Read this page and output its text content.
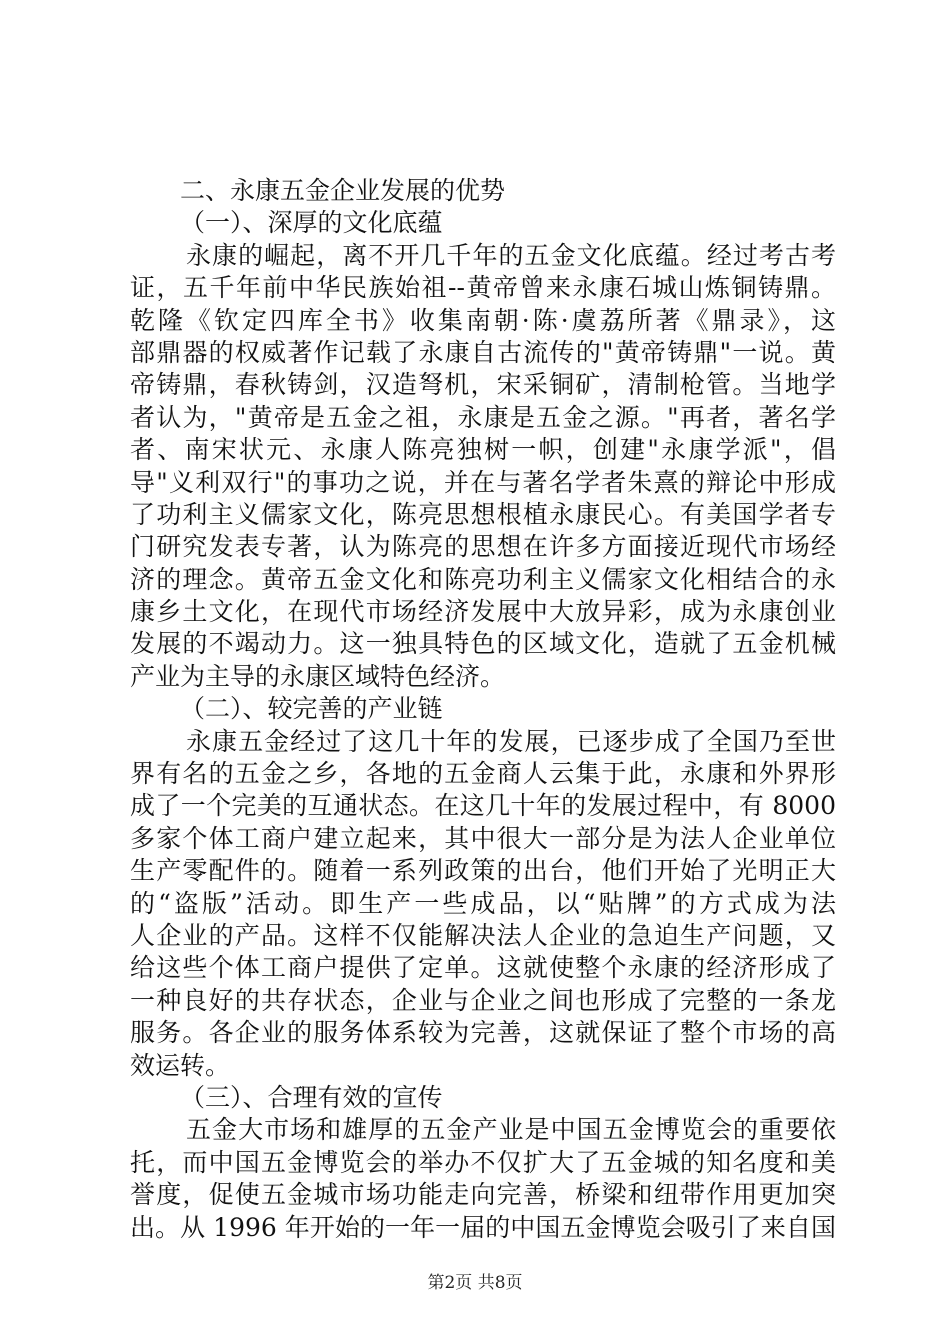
二、永康五金企业发展的优势
（一）、深厚的文化底蕴
永康的崛起，离不开几千年的五金文化底蕴。经过考古考
证，五千年前中华民族始祖--黄帝曾来永康石城山炼铜铸鼎。
乾隆《钦定四库全书》收集南朝·陈·虞荔所著《鼎录》，这
部鼎器的权威著作记载了永康自古流传的"黄帝铸鼎"一说。黄
帝铸鼎，春秋铸剑，汉造弩机，宋采铜矿，清制枪管。当地学
者认为，"黄帝是五金之祖，永康是五金之源。"再者，著名学
者、南宋状元、永康人陈亮独树一帜，创建"永康学派"，倡
导"义利双行"的事功之说，并在与著名学者朱熹的辩论中形成
了功利主义儒家文化，陈亮思想根植永康民心。有美国学者专
门研究发表专著，认为陈亮的思想在许多方面接近现代市场经
济的理念。黄帝五金文化和陈亮功利主义儒家文化相结合的永
康乡土文化，在现代市场经济发展中大放异彩，成为永康创业
发展的不竭动力。这一独具特色的区域文化，造就了五金机械
产业为主导的永康区域特色经济。
（二）、较完善的产业链
永康五金经过了这几十年的发展，已逐步成了全国乃至世
界有名的五金之乡，各地的五金商人云集于此，永康和外界形
成了一个完美的互通状态。在这几十年的发展过程中，有 8000
多家个体工商户建立起来，其中很大一部分是为法人企业单位
生产零配件的。随着一系列政策的出台，他们开始了光明正大
的“盗版”活动。即生产一些成品，以“贴牌”的方式成为法
人企业的产品。这样不仅能解决法人企业的急迫生产问题，又
给这些个体工商户提供了定单。这就使整个永康的经济形成了
一种良好的共存状态，企业与企业之间也形成了完整的一条龙
服务。各企业的服务体系较为完善，这就保证了整个市场的高
效运转。
（三）、合理有效的宣传
五金大市场和雄厚的五金产业是中国五金博览会的重要依
托，而中国五金博览会的举办不仅扩大了五金城的知名度和美
誉度，促使五金城市场功能走向完善，桥梁和纽带作用更加突
出。从 1996 年开始的一年一届的中国五金博览会吸引了来自国
第2页 共8页
